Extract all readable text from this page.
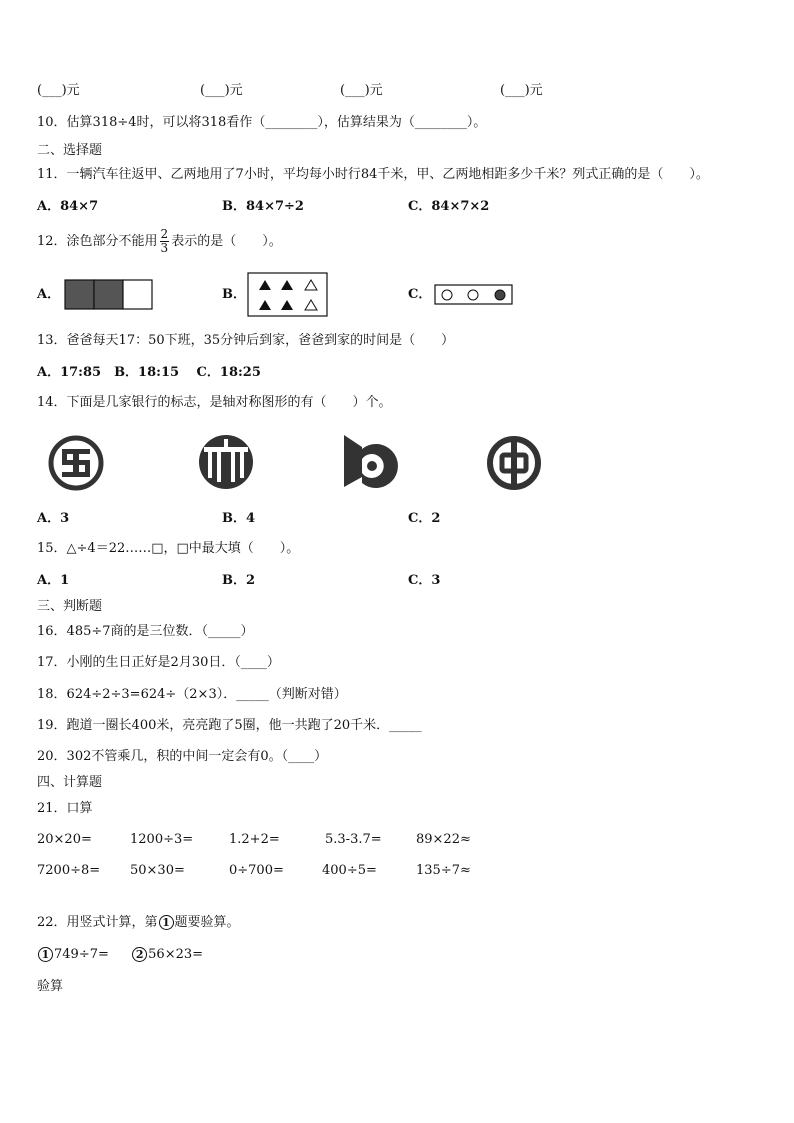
(___)元	(___)元	(___)元	(___)元
10．估算318÷4时，可以将318看作（________），估算结果为（________）。
二、选择题
11．一辆汽车往返甲、乙两地用了7小时，平均每小时行84千米，甲、乙两地相距多少千米？列式正确的是（　　）。
A．84×7	B．84×7÷2	C．84×7×2
12．涂色部分不能用 $\frac{2}{3}$ 表示的是（　　）。
A．	B．	C．
13．爸爸每天17：50下班，35分钟后到家，爸爸到家的时间是（　　）
A．17:85　B．18:15　 C．18:25
14．下面是几家银行的标志，是轴对称图形的有（　　）个。
A．3	B．4	C．2
15．△÷4＝22……□，□中最大填（　　）。
A．1	B．2	C．3
三、判断题
16．485÷7商的是三位数．（_____）
17．小刚的生日正好是2月30日．（____）
18．624÷2÷3=624÷（2×3）．_____（判断对错）
19．跑道一圈长400米，亮亮跑了5圈，他一共跑了20千米．_____
20．302不管乘几，积的中间一定会有0。（____）
四、计算题
21．口算
20×20=	1200÷3=	1.2+2=	5.3-3.7=	89×22≈
7200÷8= 50×30=	0÷700=	400÷5=	135÷7≈
22．用竖式计算，第 1 题要验算。
1 749÷7= 2 56×23=
验算
